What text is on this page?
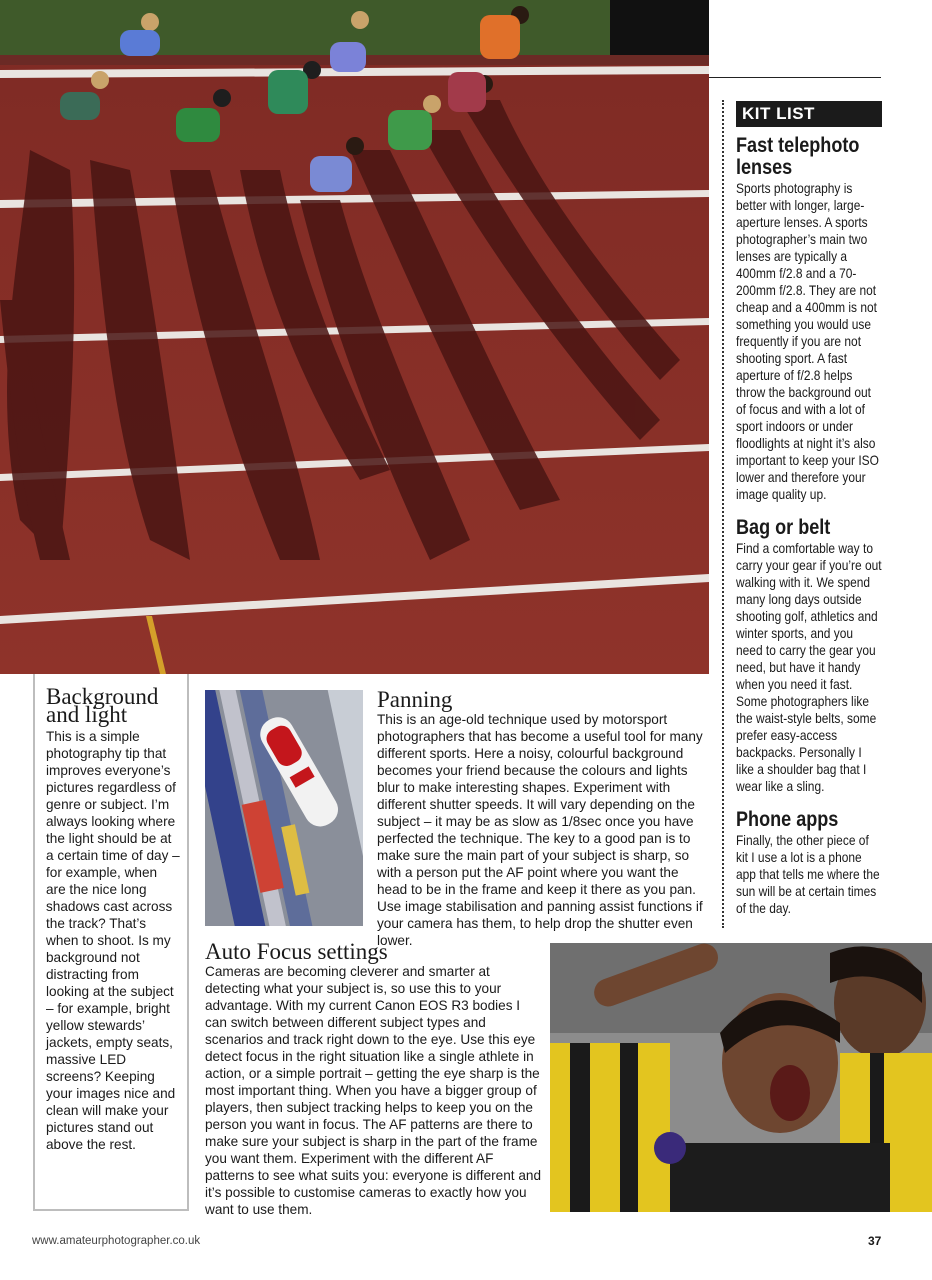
KIT LIST
Fast telephoto lenses

Sports photography is better with longer, large-aperture lenses. A sports photographer’s main two lenses are typically a 400mm f/2.8 and a 70-200mm f/2.8. They are not cheap and a 400mm is not something you would use frequently if you are not shooting sport. A fast aperture of f/2.8 helps throw the background out of focus and with a lot of sport indoors or under floodlights at night it’s also important to keep your ISO lower and therefore your image quality up.

Bag or belt

Find a comfortable way to carry your gear if you’re out walking with it. We spend many long days outside shooting golf, athletics and winter sports, and you need to carry the gear you need, but have it handy when you need it fast. Some photographers like the waist-style belts, some prefer easy-access backpacks. Personally I like a shoulder bag that I wear like a sling.

Phone apps

Finally, the other piece of kit I use a lot is a phone app that tells me where the sun will be at certain times of the day.

Background and light

This is a simple photography tip that improves everyone’s pictures regardless of genre or subject. I’m always looking where the light should be at a certain time of day – for example, when are the nice long shadows cast across the track? That’s when to shoot. Is my background not distracting from looking at the subject – for example, bright yellow stewards’ jackets, empty seats, massive LED screens? Keeping your images nice and clean will make your pictures stand out above the rest.

Panning

This is an age-old technique used by motorsport photographers that has become a useful tool for many different sports. Here a noisy, colourful background becomes your friend because the colours and lights blur to make interesting shapes. Experiment with different shutter speeds. It will vary depending on the subject – it may be as slow as 1/8sec once you have perfected the technique. The key to a good pan is to make sure the main part of your subject is sharp, so with a person put the AF point where you want the head to be in the frame and keep it there as you pan. Use image stabilisation and panning assist functions if your camera has them, to help drop the shutter even lower.

Auto Focus settings

Cameras are becoming cleverer and smarter at detecting what your subject is, so use this to your advantage. With my current Canon EOS R3 bodies I can switch between different subject types and scenarios and track right down to the eye. Use this eye detect focus in the right situation like a single athlete in action, or a simple portrait – getting the eye sharp is the most important thing. When you have a bigger group of players, then subject tracking helps to keep you on the person you want in focus. The AF patterns are there to make sure your subject is sharp in the part of the frame you want them. Experiment with the different AF patterns to see what suits you: everyone is different and it’s possible to customise cameras to exactly how you want to use them.

www.amateurphotographer.co.uk	37
